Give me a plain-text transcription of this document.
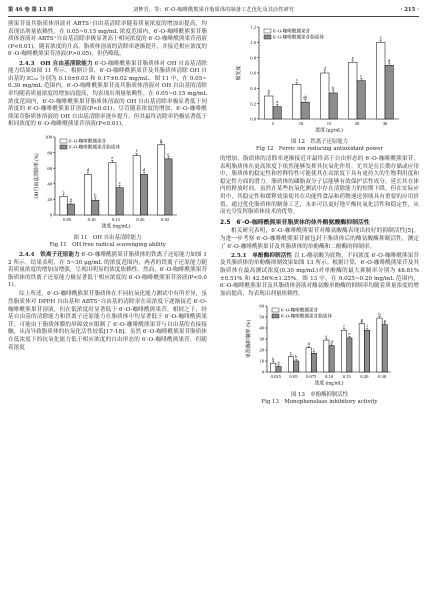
第 46 卷 第 13 期	刘梦晋，等：6′-O-咖啡酰熊果苷脂质体的制备工艺优化及其活性研究	· 215 ·

熊果苷及其脂质体溶液对 ABTS⁺自由基清除率随着质量浓度的增加而提高，均表现出剂量依赖性。在 0.05~0.15 mg/mL 浓度范围内，6′-O-咖啡酰熊果苷脂质体溶液对 ABTS⁺自由基清除率极显著高于相同浓度的 6′-O-咖啡酰熊果苷溶液(P<0.01)。随着浓度的升高，脂质体溶液的清除率逐渐提升，并接近相应浓度的 6′-O-咖啡酰熊果苷溶液(P>0.05)，但仍略低。

2.4.3　OH 自由基清除能力 6′-O-咖啡酰熊果苷脂质体对 OH 自由基清除能力结果如图 11 所示。根据计算，6′-O-咖啡酰熊果苷及其脂质体清除 OH 自由基的 IC₅₀ 分别为 0.10±0.03 和 0.17±0.02 mg/mL。图 11 中，在 0.05~0.30 mg/mL 范围内，6′-O-咖啡酰熊果苷及其脂质体溶液对 OH 自由基的清除率均随着质量浓度的增加而提高，均表现出剂量依赖性。在 0.05~0.15 mg/mL 浓度范围内，6′-O-咖啡酰熊果苷脂质体溶液的 OH 自由基清除率极显著低于同浓度的 6′-O-咖啡酰熊果苷溶液(P<0.01)。尽管随着浓度的增加，6′-O-咖啡酰熊果苷脂质体溶液的 OH 自由基清除率逐步提升，但其最终清除率仍极显著低于相同浓度的 6′-O-咖啡酰熊果苷溶液(P<0.01)。

0
20
40
60
80
100
c
d
e
f
g
a
b
c
d
e
0.05	0.10	0.15	0.20	0.30
浓度 (mg/mL)
OH自由基清除率 (%)
6′-O-咖啡酰熊果苷
6′-O-咖啡酰熊果苷脂质体

图 11　OH 自由基清除能力

Fig 11　OH free radical scavenging ability

2.4.4　铁离子还原能力 6′-O-咖啡酰熊果苷脂质体的铁离子还原能力如图 12 所示。结果表明，在 5~30 μg/mL 的浓度范围内，两者的铁离子还原能力随着质量浓度的增加而增强，呈现出明显的浓度依赖性。然而，6′-O-咖啡酰熊果苷脂质体的铁离子还原能力极显著低于相应浓度的 6′-O-咖啡酰熊果苷溶液(P<0.01)。

综上所述，6′-O-咖啡酰熊果苷脂质体在不同抗氧化能力测试中有所差异，虽然脂质体对 DPPH 自由基和 ABTS⁺自由基的清除率在高浓度下逐渐接近 6′-O-咖啡酰熊果苷溶液，但在低浓度时显著低于 6′-O-咖啡酰熊果苷，相较之下，经基自由基的清除能力和铁离子还原能力在脂质体中均显著低于 6′-O-咖啡酰熊果苷，可能由于脂质体膜的屏障效应限制了 6′-O-咖啡酰熊果苷与自由基的直接接触，从而导致脂质体的抗氧化活性较低[17-18]。虽然 6′-O-咖啡酰熊果苷脂质体在低浓度下的抗氧化能力低于相应浓度的自由形态的 6′-O-咖啡酰熊果苷，但随着浓度

0.0
0.2
0.4
0.6
0.8
1.0
1.2
b
c
d
e
f
a
ab
b
c
d
5	10	15	20	30
浓度 (μg/mL)
吸光度
6′-O-咖啡酰熊果苷
6′-O-咖啡酰熊果苷脂质体

图 12　铁离子还原能力

Fig 12　Ferric ion reducing antioxidant power

的增加，脂质体的清除率逐渐接近并最终高于自由形态的 6′-O-咖啡酰熊果苷，表明脂质体在更高浓度下依然能够发挥其抗氧化作用。尤其是在长期存储或应用中，脂质体的稳定性和控释特性可能使其在高浓度下具有更持久的生物利用度和稳定性方面的潜力。脂质体的磷脂双分子层能够有效保护活性成分，延长其在体内的释放时间，虽然在某些抗氧化测试中存在清除能力的短期下降，但在实际应用中，其稳定性和缓释效果使其在功能性食品和药物递送领域具有重要的应用价值。通过优化脂质体的制备工艺，未来可以更好地平衡抗氧化活性和稳定性，从而充分发挥脂质体技术的优势。

2.5　6′-O-咖啡酰熊果苷脂质体的体外酪氨酸酶抑制活性

相关研究表明，6′-O-咖啡酰熊果苷对酪氨酸酶表现出较好的抑制活性[5]。为进一步考察 6′-O-咖啡酰熊果苷被包封于脂质体后的酪氨酸酶抑制活性，测定了 6′-O-咖啡酰熊果苷及其脂质体的单酚酶和二酚酶的抑制率。

2.5.1　单酚酶抑制活性 以 L-酪氨酸为底物，不同浓度 6′-O-咖啡酰熊果苷及其脂质体的单酚酶抑制效果如图 13 所示。根据计算，6′-O-咖啡酰熊果苷及其脂质体在最高测试浓度(0.30 mg/mL)对单酚酶的最大抑制率分别为 48.81%±0.51% 和 42.56%±1.25%。图 13 中，在 0.025~0.20 mg/mL 范围内，6′-O-咖啡酰熊果苷及其脂质体溶液对酪氨酸单酚酶的抑制率均随着质量浓度的增加而提高，均表现出剂量依赖性。

0
10
20
30
40
50
60
b
c
d
e
f
g
h
a
b
c
d
e
f
g
0.025 0.05 0.075 0.10 0.15 0.20 0.30
浓度 (mg/mL)
单酚酶抑制率 (%)
6′-O-咖啡酰熊果苷
6′-O-咖啡酰熊果苷脂质体

图 13　单酚酶抑制活性

Fig 13　Monophenolase inhibitory activity
